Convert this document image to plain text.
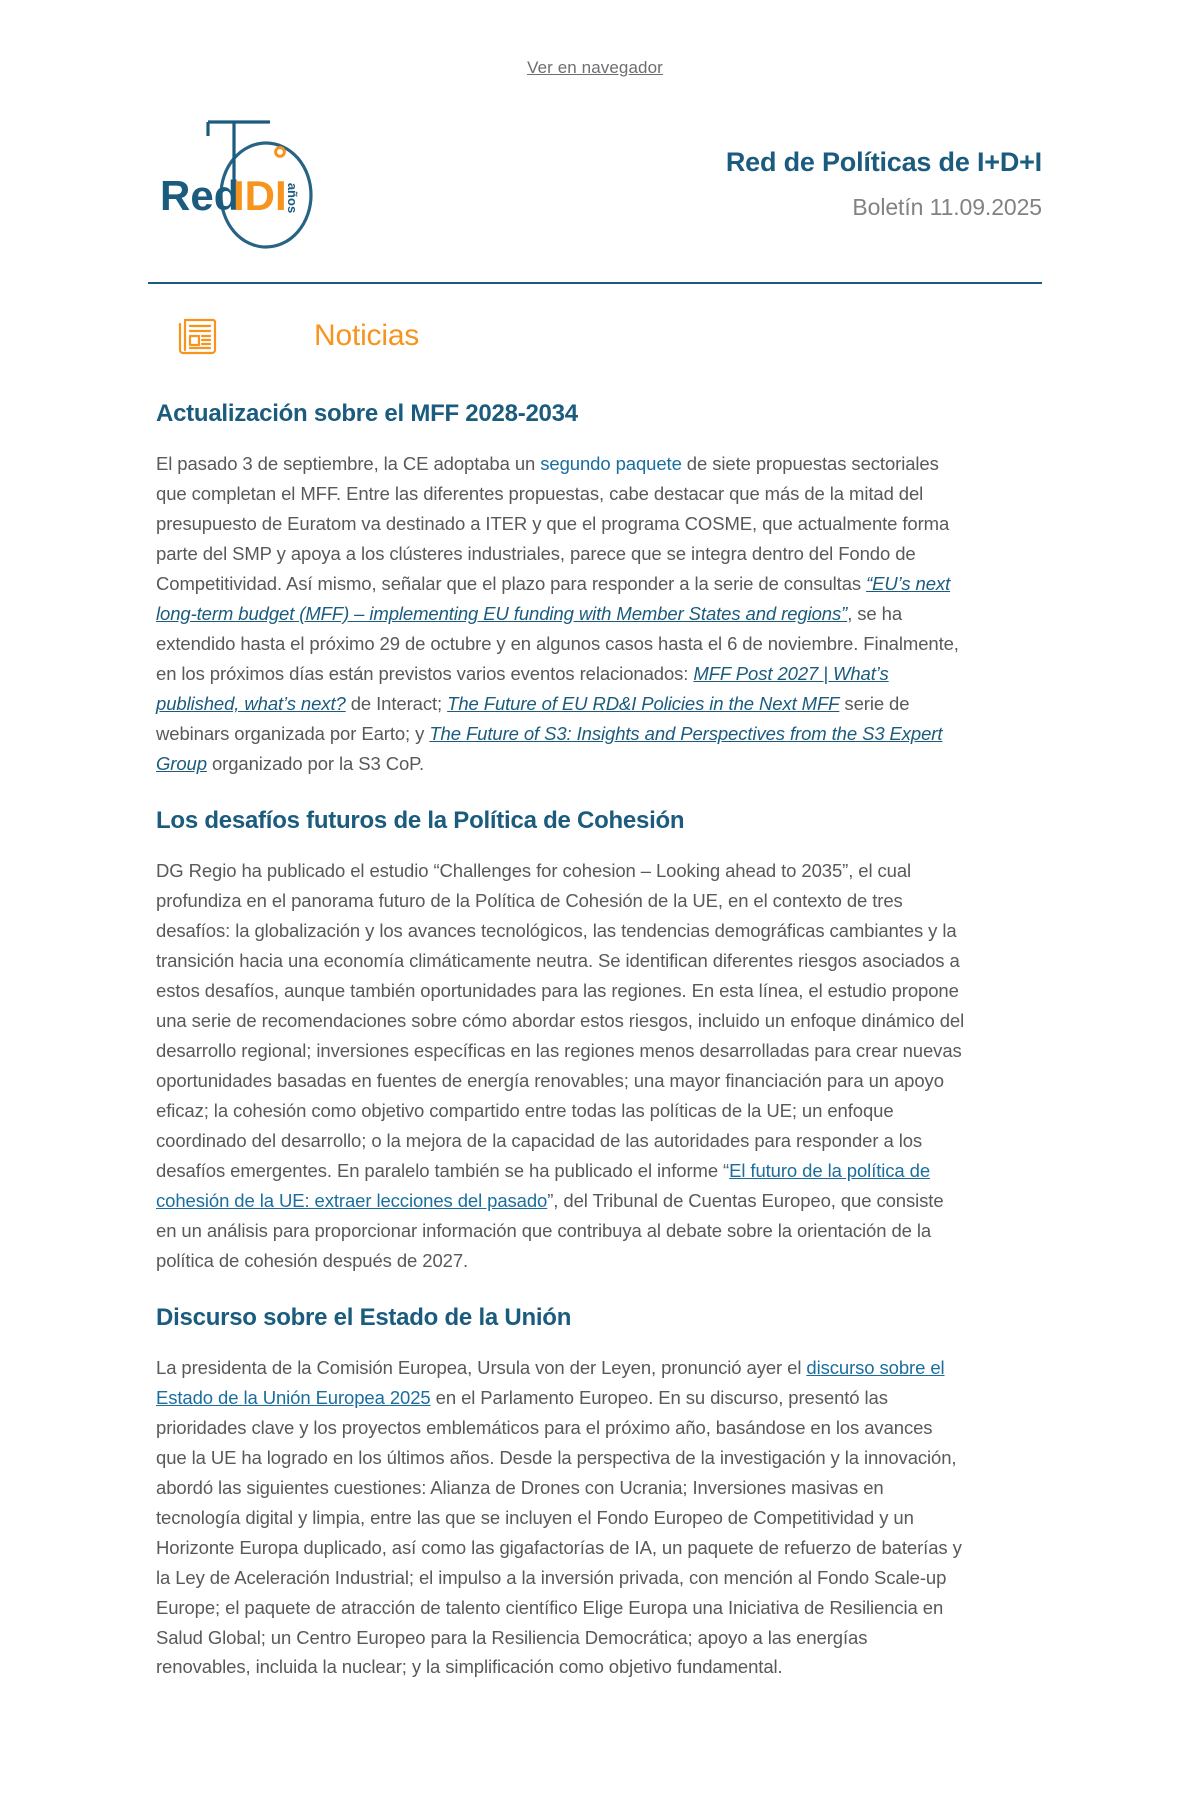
Ver en navegador
años
Red
IDI
Red de Políticas de I+D+I
Boletín 11.09.2025
Noticias
Actualización sobre el MFF 2028-2034

El pasado 3 de septiembre, la CE adoptaba un segundo paquete de siete propuestas sectoriales que completan el MFF. Entre las diferentes propuestas, cabe destacar que más de la mitad del presupuesto de Euratom va destinado a ITER y que el programa COSME, que actualmente forma parte del SMP y apoya a los clústeres industriales, parece que se integra dentro del Fondo de Competitividad. Así mismo, señalar que el plazo para responder a la serie de consultas “EU’s next long-term budget (MFF) – implementing EU funding with Member States and regions”, se ha extendido hasta el próximo 29 de octubre y en algunos casos hasta el 6 de noviembre. Finalmente, en los próximos días están previstos varios eventos relacionados: MFF Post 2027 | What’s published, what’s next? de Interact; The Future of EU RD&I Policies in the Next MFF serie de webinars organizada por Earto; y The Future of S3: Insights and Perspectives from the S3 Expert Group organizado por la S3 CoP.

Los desafíos futuros de la Política de Cohesión

DG Regio ha publicado el estudio “Challenges for cohesion – Looking ahead to 2035”, el cual profundiza en el panorama futuro de la Política de Cohesión de la UE, en el contexto de tres desafíos: la globalización y los avances tecnológicos, las tendencias demográficas cambiantes y la transición hacia una economía climáticamente neutra. Se identifican diferentes riesgos asociados a estos desafíos, aunque también oportunidades para las regiones. En esta línea, el estudio propone una serie de recomendaciones sobre cómo abordar estos riesgos, incluido un enfoque dinámico del desarrollo regional; inversiones específicas en las regiones menos desarrolladas para crear nuevas oportunidades basadas en fuentes de energía renovables; una mayor financiación para un apoyo eficaz; la cohesión como objetivo compartido entre todas las políticas de la UE; un enfoque coordinado del desarrollo; o la mejora de la capacidad de las autoridades para responder a los desafíos emergentes. En paralelo también se ha publicado el informe “El futuro de la política de cohesión de la UE: extraer lecciones del pasado”, del Tribunal de Cuentas Europeo, que consiste en un análisis para proporcionar información que contribuya al debate sobre la orientación de la política de cohesión después de 2027.

Discurso sobre el Estado de la Unión

La presidenta de la Comisión Europea, Ursula von der Leyen, pronunció ayer el discurso sobre el Estado de la Unión Europea 2025 en el Parlamento Europeo. En su discurso, presentó las prioridades clave y los proyectos emblemáticos para el próximo año, basándose en los avances que la UE ha logrado en los últimos años. Desde la perspectiva de la investigación y la innovación, abordó las siguientes cuestiones: Alianza de Drones con Ucrania; Inversiones masivas en tecnología digital y limpia, entre las que se incluyen el Fondo Europeo de Competitividad y un Horizonte Europa duplicado, así como las gigafactorías de IA, un paquete de refuerzo de baterías y la Ley de Aceleración Industrial; el impulso a la inversión privada, con mención al Fondo Scale-up Europe; el paquete de atracción de talento científico Elige Europa una Iniciativa de Resiliencia en Salud Global; un Centro Europeo para la Resiliencia Democrática; apoyo a las energías renovables, incluida la nuclear; y la simplificación como objetivo fundamental.
